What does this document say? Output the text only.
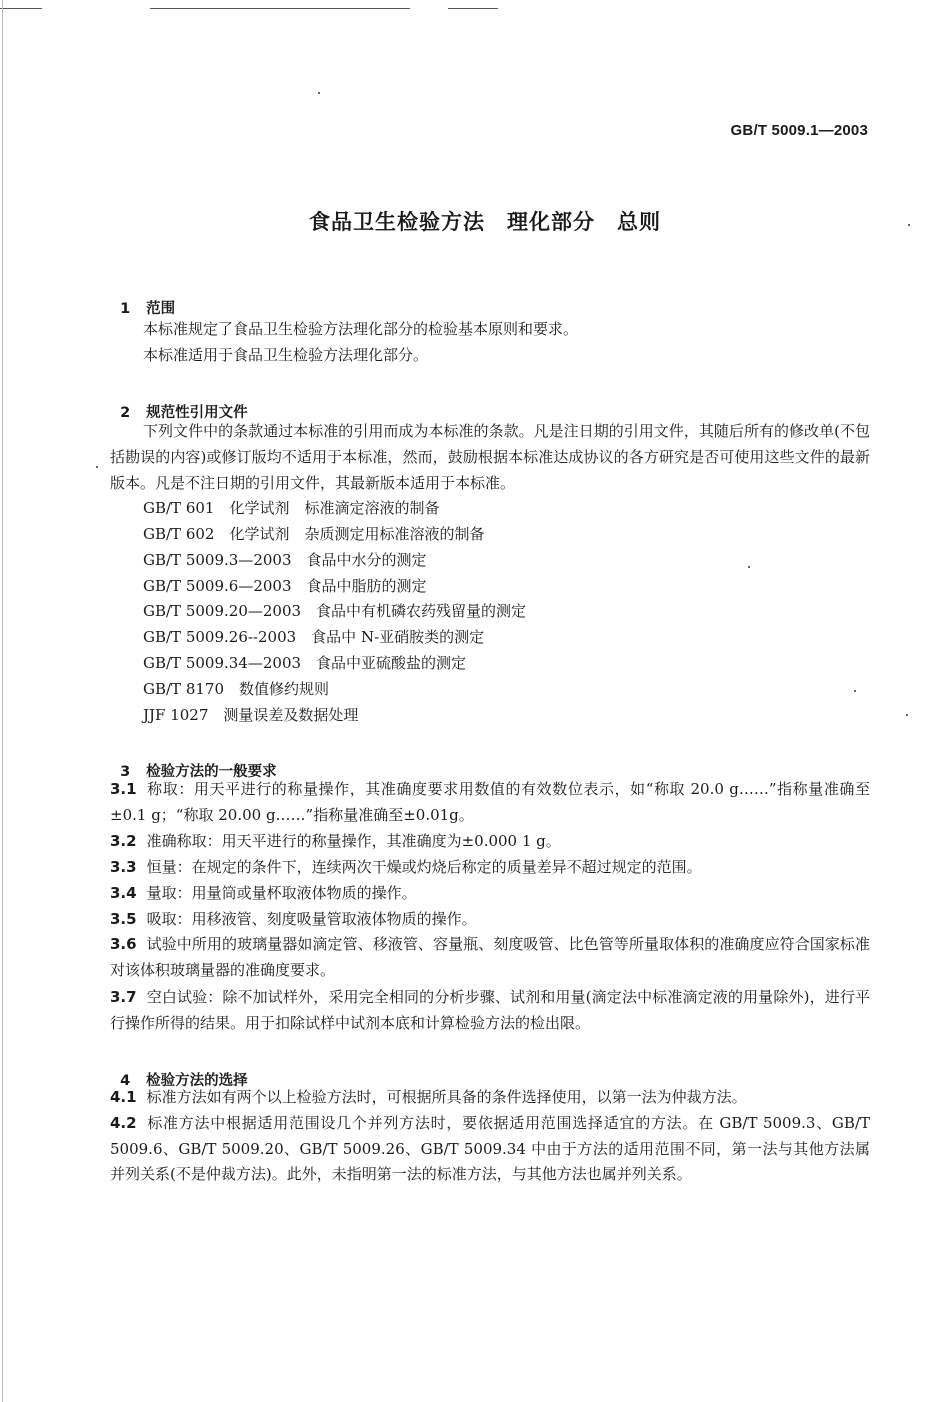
GB/T 5009.1—2003
食品卫生检验方法　理化部分　总则

1 范围

本标准规定了食品卫生检验方法理化部分的检验基本原则和要求。
本标准适用于食品卫生检验方法理化部分。

2 规范性引用文件

下列文件中的条款通过本标准的引用而成为本标准的条款。凡是注日期的引用文件，其随后所有的修改单(不包括勘误的内容)或修订版均不适用于本标准，然而，鼓励根据本标准达成协议的各方研究是否可使用这些文件的最新版本。凡是不注日期的引用文件，其最新版本适用于本标准。
GB/T 601　化学试剂　标准滴定溶液的制备
GB/T 602　化学试剂　杂质测定用标准溶液的制备
GB/T 5009.3—2003　食品中水分的测定
GB/T 5009.6—2003　食品中脂肪的测定
GB/T 5009.20—2003　食品中有机磷农药残留量的测定
GB/T 5009.26--2003　食品中 N-亚硝胺类的测定
GB/T 5009.34—2003　食品中亚硫酸盐的测定
GB/T 8170　数值修约规则
JJF 1027　测量误差及数据处理

3 检验方法的一般要求

3.1 称取：用天平进行的称量操作，其准确度要求用数值的有效数位表示，如“称取 20.0 g……”指称量准确至±0.1 g；“称取 20.00 g……”指称量准确至±0.01g。
3.2 准确称取：用天平进行的称量操作，其准确度为±0.000 1 g。
3.3 恒量：在规定的条件下，连续两次干燥或灼烧后称定的质量差异不超过规定的范围。
3.4 量取：用量筒或量杯取液体物质的操作。
3.5 吸取：用移液管、刻度吸量管取液体物质的操作。
3.6 试验中所用的玻璃量器如滴定管、移液管、容量瓶、刻度吸管、比色管等所量取体积的准确度应符合国家标准对该体积玻璃量器的准确度要求。
3.7 空白试验：除不加试样外，采用完全相同的分析步骤、试剂和用量(滴定法中标准滴定液的用量除外)，进行平行操作所得的结果。用于扣除试样中试剂本底和计算检验方法的检出限。

4 检验方法的选择

4.1 标准方法如有两个以上检验方法时，可根据所具备的条件选择使用，以第一法为仲裁方法。
4.2 标准方法中根据适用范围设几个并列方法时，要依据适用范围选择适宜的方法。在 GB/T 5009.3、GB/T 5009.6、GB/T 5009.20、GB/T 5009.26、GB/T 5009.34 中由于方法的适用范围不同，第一法与其他方法属并列关系(不是仲裁方法)。此外，未指明第一法的标准方法，与其他方法也属并列关系。
